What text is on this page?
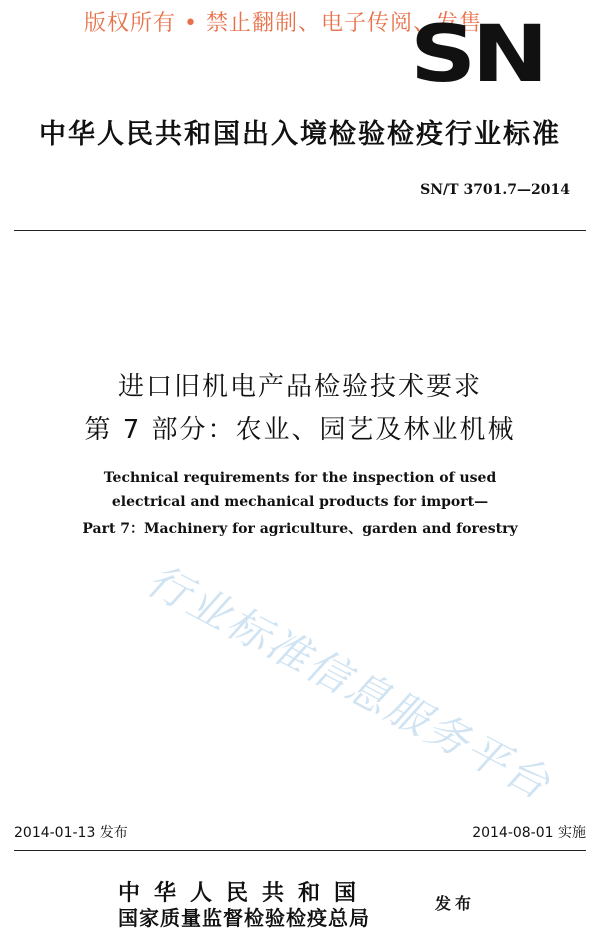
版权所有 • 禁止翻制、电子传阅、发售
SN
中华人民共和国出入境检验检疫行业标准
SN/T 3701.7—2014
进口旧机电产品检验技术要求
第 7 部分：农业、园艺及林业机械
Technical requirements for the inspection of used
electrical and mechanical products for import—
Part 7：Machinery for agriculture、garden and forestry
行业标准信息服务平台
2014-01-13 发布	2014-08-01 实施
中华人民共和国
国家质量监督检验检疫总局
发布
